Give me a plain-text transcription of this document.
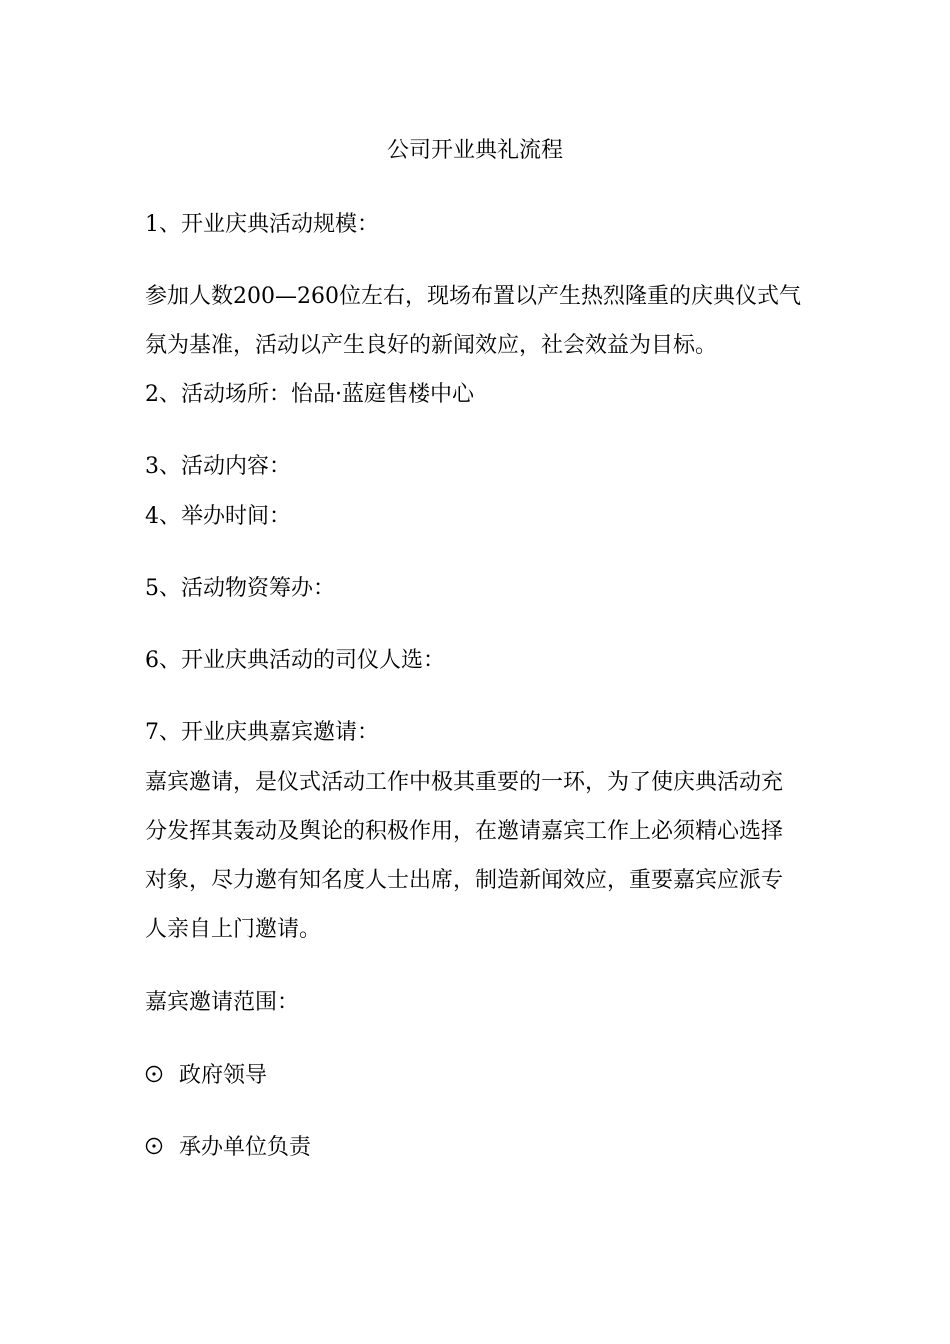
公司开业典礼流程

1、开业庆典活动规模：

参加人数200—260位左右，现场布置以产生热烈隆重的庆典仪式气

氛为基准，活动以产生良好的新闻效应，社会效益为目标。

2、活动场所：怡品·蓝庭售楼中心

3、活动内容：

4、举办时间：

5、活动物资筹办：

6、开业庆典活动的司仪人选：

7、开业庆典嘉宾邀请：

嘉宾邀请，是仪式活动工作中极其重要的一环，为了使庆典活动充

分发挥其轰动及舆论的积极作用，在邀请嘉宾工作上必须精心选择

对象，尽力邀有知名度人士出席，制造新闻效应，重要嘉宾应派专

人亲自上门邀请。

嘉宾邀请范围：

政府领导

承办单位负责
